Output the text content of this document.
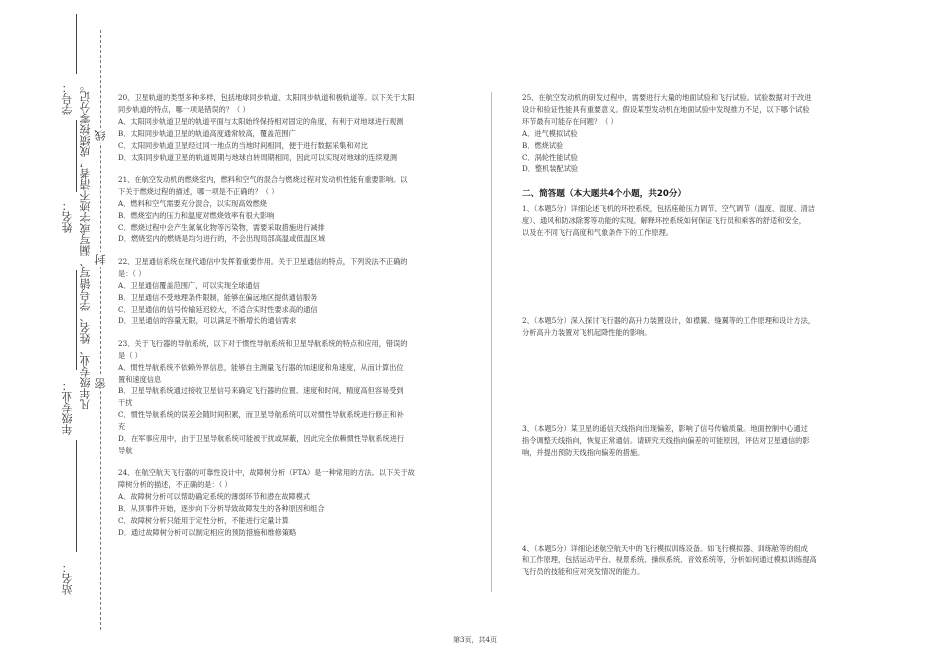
学号：
姓名：
年级专业：
站名：
凡年级专业、姓名、学号错写、漏写或字迹不清者，成绩按零分记。 线
封
密

20、卫星轨道的类型多种多样，包括地球同步轨道、太阳同步轨道和极轨道等。以下关于太阳

同步轨道的特点，哪一项是错误的？（ ）

A．太阳同步轨道卫星的轨道平面与太阳始终保持相对固定的角度，有利于对地球进行观测

B．太阳同步轨道卫星的轨道高度通常较高，覆盖范围广

C．太阳同步轨道卫星经过同一地点的当地时间相同，便于进行数据采集和对比

D．太阳同步轨道卫星的轨道周期与地球自转周期相同，因此可以实现对地球的连续观测

21、在航空发动机的燃烧室内，燃料和空气的混合与燃烧过程对发动机性能有重要影响。以

下关于燃烧过程的描述，哪一项是不正确的？（ ）

A．燃料和空气需要充分混合，以实现高效燃烧

B．燃烧室内的压力和温度对燃烧效率有很大影响

C．燃烧过程中会产生氮氧化物等污染物，需要采取措施进行减排

D．燃烧室内的燃烧是均匀进行的，不会出现局部高温或低温区域

22、卫星通信系统在现代通信中发挥着重要作用。关于卫星通信的特点，下列说法不正确的

是：（ ）

A．卫星通信覆盖范围广，可以实现全球通信

B．卫星通信不受地理条件限制，能够在偏远地区提供通信服务

C．卫星通信的信号传输延迟较大，不适合实时性要求高的通信

D．卫星通信的容量无限，可以满足不断增长的通信需求

23、关于飞行器的导航系统，以下对于惯性导航系统和卫星导航系统的特点和应用，错误的

是（ ）

A．惯性导航系统不依赖外界信息，能够自主测量飞行器的加速度和角速度，从而计算出位

置和速度信息

B．卫星导航系统通过接收卫星信号来确定飞行器的位置、速度和时间，精度高但容易受到

干扰

C．惯性导航系统的误差会随时间积累，而卫星导航系统可以对惯性导航系统进行修正和补

充

D．在军事应用中，由于卫星导航系统可能被干扰或屏蔽，因此完全依赖惯性导航系统进行

导航

24、在航空航天飞行器的可靠性设计中，故障树分析（FTA）是一种常用的方法。以下关于故

障树分析的描述，不正确的是：（ ）

A．故障树分析可以帮助确定系统的薄弱环节和潜在故障模式

B．从顶事件开始，逐步向下分析导致故障发生的各种原因和组合

C．故障树分析只能用于定性分析，不能进行定量计算

D．通过故障树分析可以制定相应的预防措施和维修策略

25、在航空发动机的研发过程中，需要进行大量的地面试验和飞行试验。试验数据对于改进

设计和验证性能具有重要意义。假设某型发动机在地面试验中发现推力不足，以下哪个试验

环节最有可能存在问题？（ ）

A．进气模拟试验

B．燃烧试验

C．涡轮性能试验

D．整机装配试验

二、简答题（本大题共4个小题，共20分）

1、（本题5分）详细论述飞机的环控系统，包括座舱压力调节、空气调节（温度、湿度、清洁

度）、通风和防冰除雾等功能的实现。解释环控系统如何保证飞行员和乘客的舒适和安全，

以及在不同飞行高度和气象条件下的工作原理。

2、（本题5分）深入探讨飞行器的高升力装置设计，如襟翼、缝翼等的工作原理和设计方法，

分析高升力装置对飞机起降性能的影响。

3、（本题5分）某卫星的遥信天线指向出现偏差，影响了信号传输质量。地面控制中心通过

指令调整天线指向，恢复正常通信。请研究天线指向偏差的可能原因，评估对卫星通信的影

响，并提出预防天线指向偏差的措施。

4、（本题5分）详细论述航空航天中的飞行模拟训练设备。如飞行模拟器、训练舱等的组成

和工作原理，包括运动平台、视景系统、操纵系统、音效系统等，分析如何通过模拟训练提高

飞行员的技能和应对突发情况的能力。

第3页，共4页
